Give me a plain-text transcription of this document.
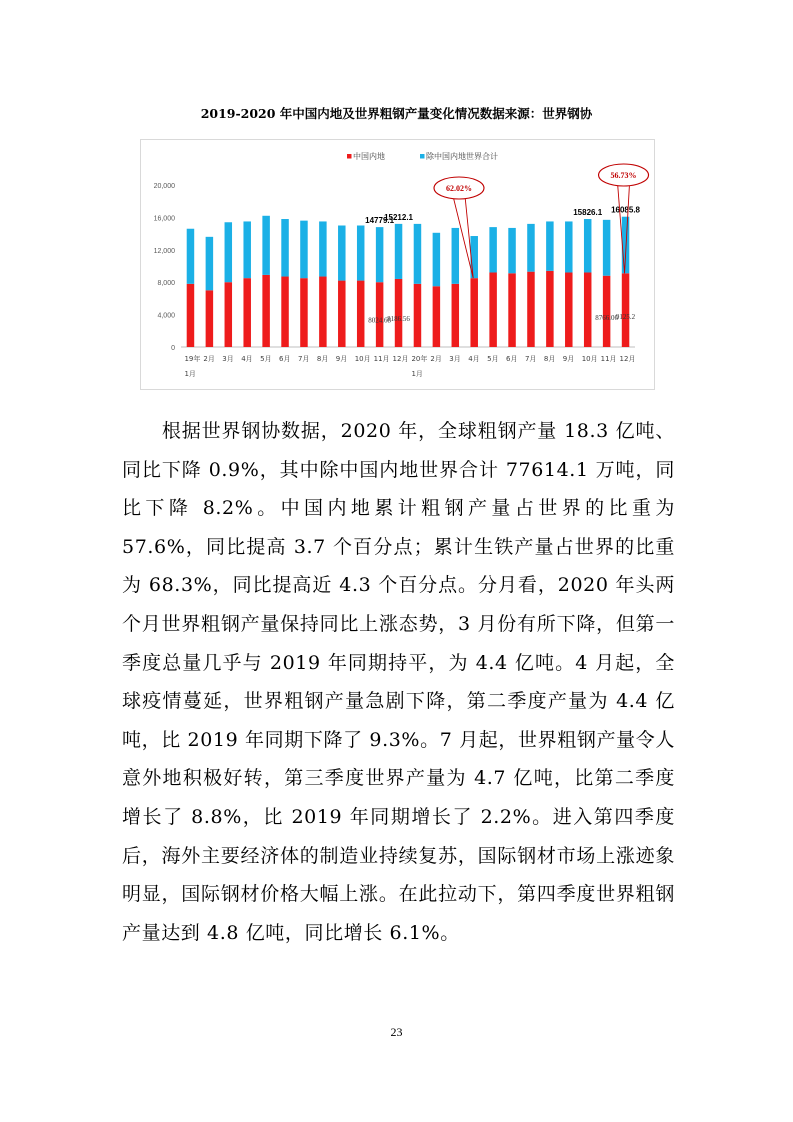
2019-2020 年中国内地及世界粗钢产量变化情况数据来源：世界钢协
0
4,000
8,000
12,000
16,000
20,000
中国内地	除中国内地世界合计
19年 1月
2月 3月 4月 5月 6月 7月 8月 9月 10月 11月 12月 20年 1月
2月 3月 4月 5月 6月 7月 8月 9月 10月 11月 12月
14779.1
15212.1
15826.1 16085.8
8024.68
8186.56	8766.06
9125.2
62.02%
56.73%

根据世界钢协数据，2020 年，全球粗钢产量 18.3 亿吨、同比下降 0.9%，其中除中国内地世界合计 77614.1 万吨，同比下降 8.2%。中国内地累计粗钢产量占世界的比重为 57.6%，同比提高 3.7 个百分点；累计生铁产量占世界的比重为 68.3%，同比提高近 4.3 个百分点。分月看，2020 年头两个月世界粗钢产量保持同比上涨态势，3 月份有所下降，但第一季度总量几乎与 2019 年同期持平，为 4.4 亿吨。4 月起，全球疫情蔓延，世界粗钢产量急剧下降，第二季度产量为 4.4 亿吨，比 2019 年同期下降了 9.3%。7 月起，世界粗钢产量令人意外地积极好转，第三季度世界产量为 4.7 亿吨，比第二季度增长了 8.8%，比 2019 年同期增长了 2.2%。进入第四季度后，海外主要经济体的制造业持续复苏，国际钢材市场上涨迹象明显，国际钢材价格大幅上涨。在此拉动下，第四季度世界粗钢产量达到 4.8 亿吨，同比增长 6.1%。

23
